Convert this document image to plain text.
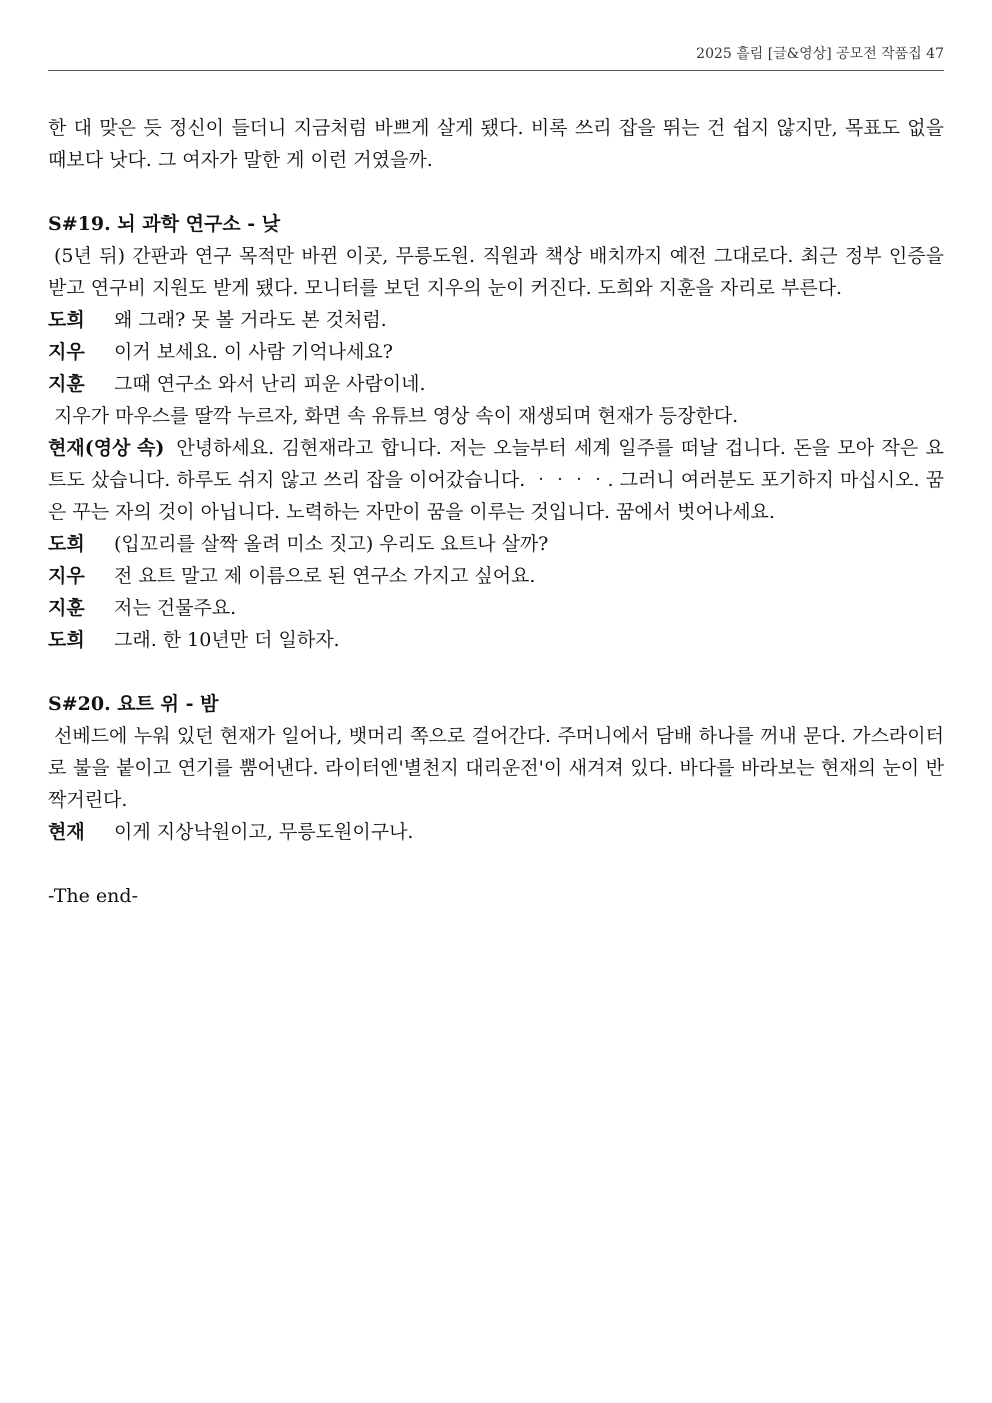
2025 흘림 [글&영상] 공모전 작품집 47

한 대 맞은 듯 정신이 들더니 지금처럼 바쁘게 살게 됐다. 비록 쓰리 잡을 뛰는 건 쉽지 않지만, 목표도 없을 때보다 낫다. 그 여자가 말한 게 이런 거였을까.

S#19. 뇌 과학 연구소 - 낮

(5년 뒤) 간판과 연구 목적만 바뀐 이곳, 무릉도원. 직원과 책상 배치까지 예전 그대로다. 최근 정부 인증을 받고 연구비 지원도 받게 됐다. 모니터를 보던 지우의 눈이 커진다. 도희와 지훈을 자리로 부른다.

도희 왜 그래? 못 볼 거라도 본 것처럼.

지우 이거 보세요. 이 사람 기억나세요?

지훈 그때 연구소 와서 난리 피운 사람이네.

지우가 마우스를 딸깍 누르자, 화면 속 유튜브 영상 속이 재생되며 현재가 등장한다.

현재(영상 속) 안녕하세요. 김현재라고 합니다. 저는 오늘부터 세계 일주를 떠날 겁니다. 돈을 모아 작은 요트도 샀습니다. 하루도 쉬지 않고 쓰리 잡을 이어갔습니다. ‧‧‧‧. 그러니 여러분도 포기하지 마십시오. 꿈은 꾸는 자의 것이 아닙니다. 노력하는 자만이 꿈을 이루는 것입니다. 꿈에서 벗어나세요.

도희 (입꼬리를 살짝 올려 미소 짓고) 우리도 요트나 살까?

지우 전 요트 말고 제 이름으로 된 연구소 가지고 싶어요.

지훈 저는 건물주요.

도희 그래. 한 10년만 더 일하자.

S#20. 요트 위 - 밤

선베드에 누워 있던 현재가 일어나, 뱃머리 쪽으로 걸어간다. 주머니에서 담배 하나를 꺼내 문다. 가스라이터로 불을 붙이고 연기를 뿜어낸다. 라이터엔'별천지 대리운전'이 새겨져 있다. 바다를 바라보는 현재의 눈이 반짝거린다.

현재 이게 지상낙원이고, 무릉도원이구나.

-The end-
